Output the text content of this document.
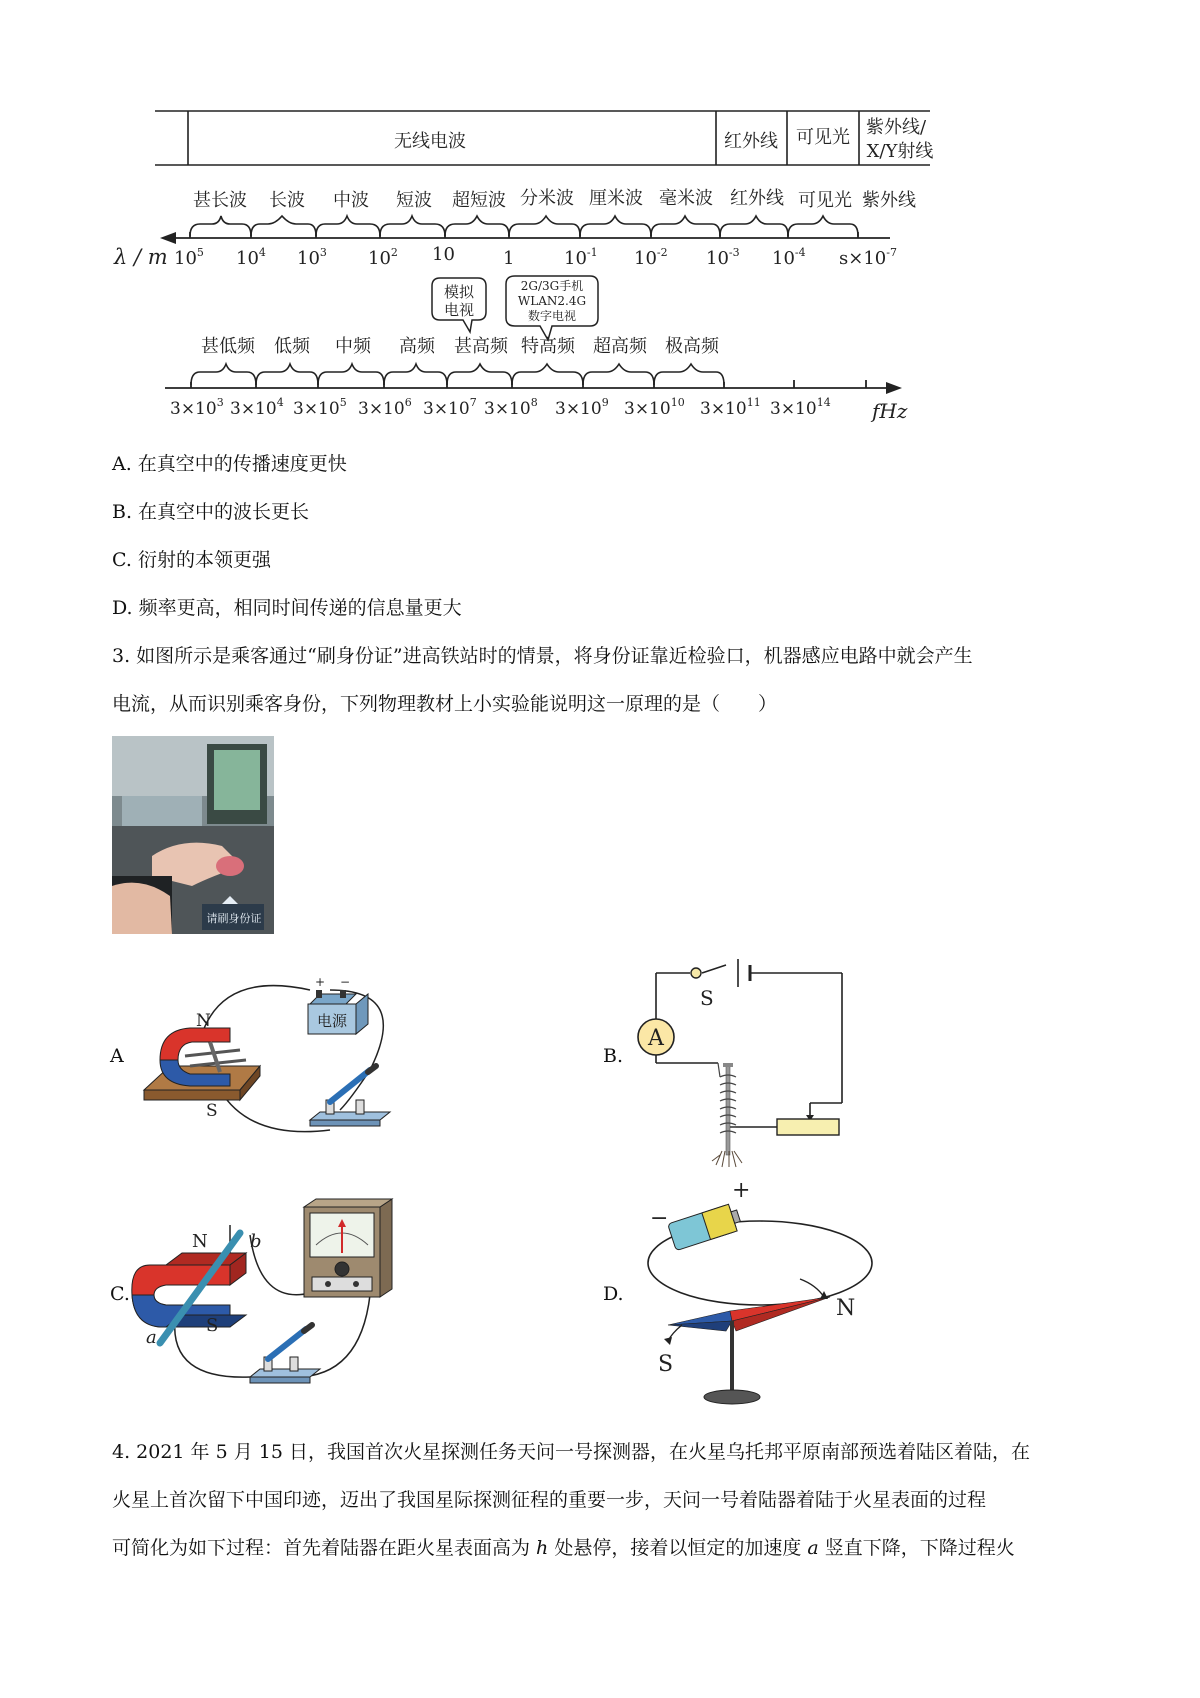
无线电波	红外线 可见光 紫外线/
X/Y射线
甚长波 长波 中波 短波 超短波 分米波 厘米波 毫米波 红外线 可见光 紫外线
λ / m $10^5$ $10^4$ $10^3$ $10^2$ 10	1	$10^{-1}$ $10^{-2}$ $10^{-3}$ $10^{-4}$ $s\times 10^{-7}$
模拟
电视
2G/3G手机
WLAN2.4G
数字电视
甚低频 低频 中频 高频 甚高频 特高频 超高频 极高频
$3\times 10^3$ $3\times 10^4$ $3\times 10^5$ $3\times 10^6$ $3\times 10^7$ $3\times 10^8$ $3\times 10^9$ $3\times 10^{10}$ $3\times 10^{11}$ $3\times 10^{14}$ fHz
A. 在真空中的传播速度更快
B. 在真空中的波长更长
C. 衍射的本领更强
D. 频率更高，相同时间传递的信息量更大
3. 如图所示是乘客通过“刷身份证”进高铁站时的情景，将身份证靠近检验口，机器感应电路中就会产生
电流，从而识别乘客身份，下列物理教材上小实验能说明这一原理的是（　　）
请刷身份证
A
N
S
电源
+ −
B.
S
A
C.
N
S
a
b
D.
−
+
N
S
4. 2021 年 5 月 15 日，我国首次火星探测任务天问一号探测器，在火星乌托邦平原南部预选着陆区着陆，在
火星上首次留下中国印迹，迈出了我国星际探测征程的重要一步，天问一号着陆器着陆于火星表面的过程
可简化为如下过程：首先着陆器在距火星表面高为 h 处悬停，接着以恒定的加速度 a 竖直下降，下降过程火
